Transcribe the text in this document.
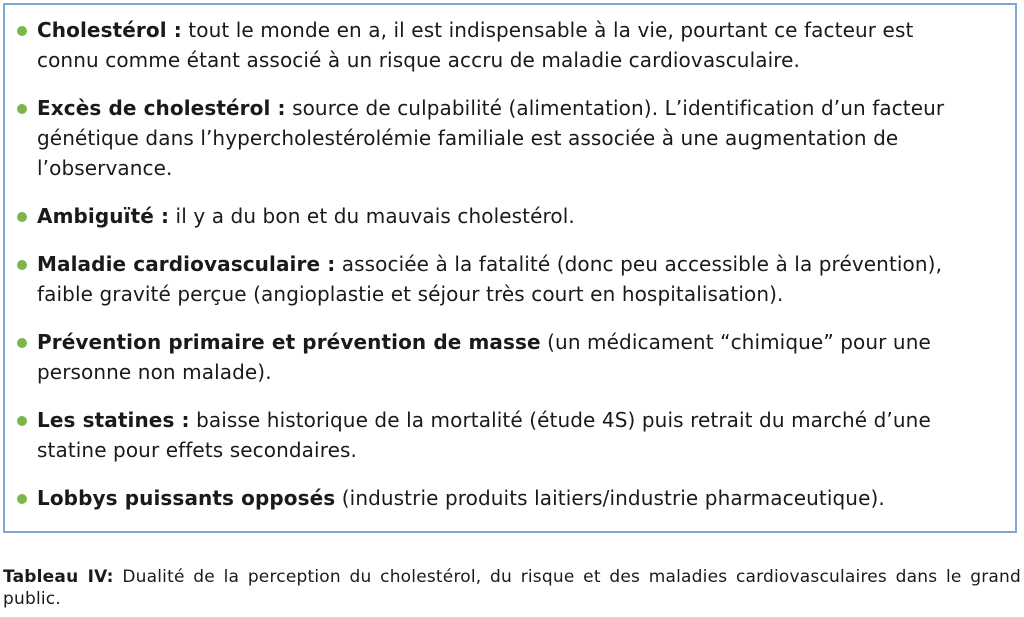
Cholestérol : tout le monde en a, il est indispensable à la vie, pourtant ce facteur est connu comme étant associé à un risque accru de maladie cardiovasculaire.
Excès de cholestérol : source de culpabilité (alimentation). L’identification d’un facteur génétique dans l’hypercholestérolémie familiale est associée à une augmentation de l’observance.
Ambiguïté : il y a du bon et du mauvais cholestérol.
Maladie cardiovasculaire : associée à la fatalité (donc peu accessible à la prévention), faible gravité perçue (angioplastie et séjour très court en hospitalisation).
Prévention primaire et prévention de masse (un médicament “chimique” pour une personne non malade).
Les statines : baisse historique de la mortalité (étude 4S) puis retrait du marché d’une statine pour effets secondaires.
Lobbys puissants opposés (industrie produits laitiers/industrie pharmaceutique).
Tableau IV: Dualité de la perception du cholestérol, du risque et des maladies cardiovasculaires dans le grand public.
